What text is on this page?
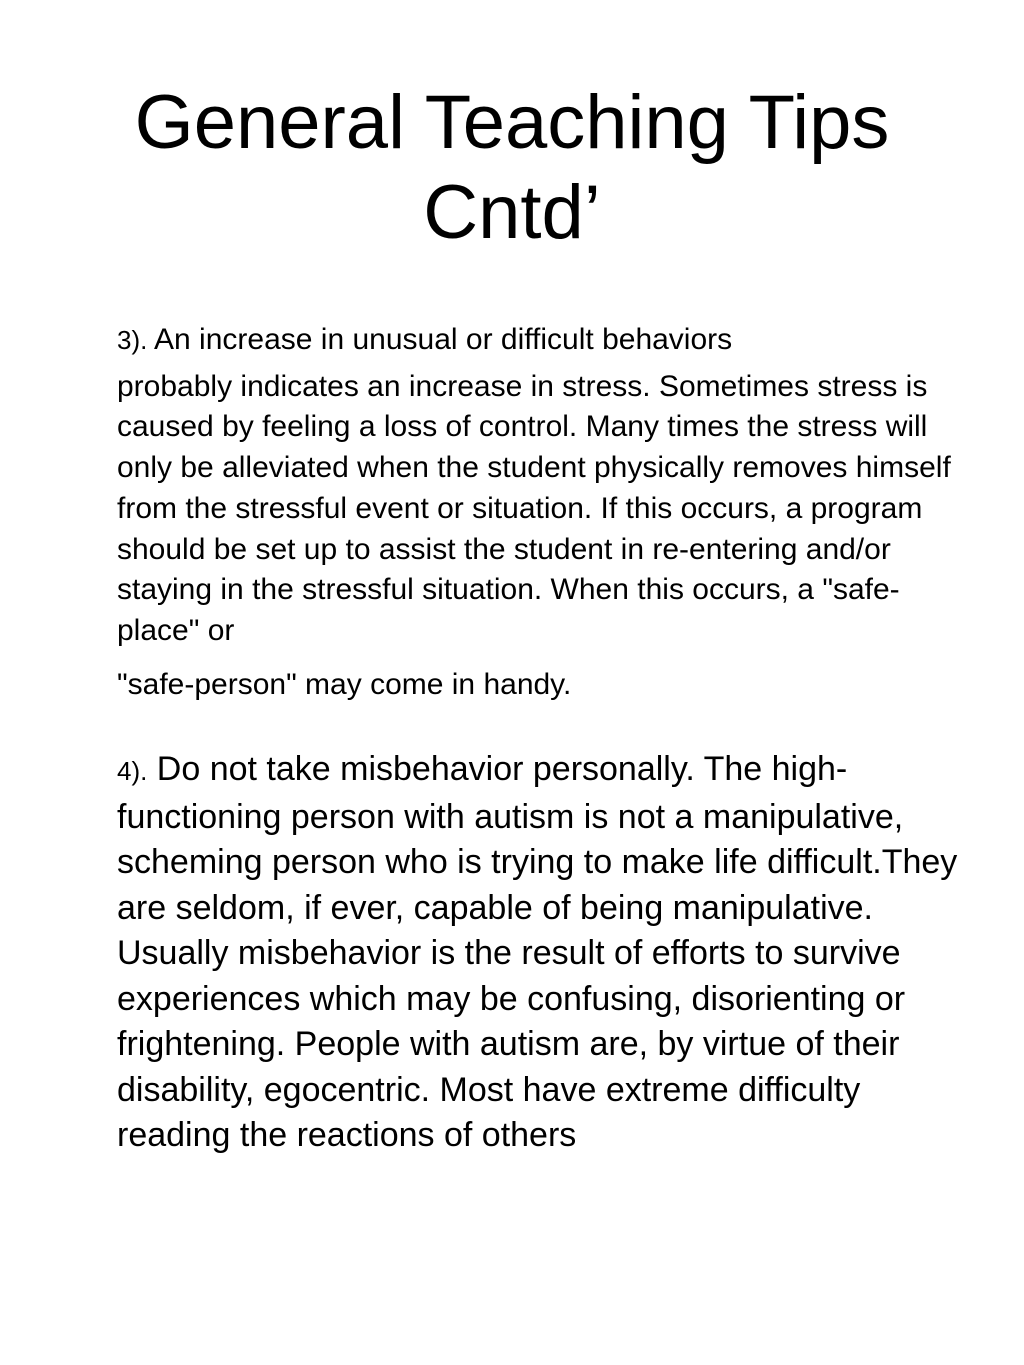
General Teaching Tips
Cntd’
3). An increase in unusual or difficult behaviors
probably indicates an increase in stress. Sometimes stress is caused by feeling a loss of control. Many times the stress will only be alleviated when the student physically removes himself from the stressful event or situation. If this occurs, a program should be set up to assist the student in re-entering and/or staying in the stressful situation. When this occurs, a "safe-place" or
"safe-person" may come in handy.
4). Do not take misbehavior personally. The high-functioning person with autism is not a manipulative, scheming person who is trying to make life difficult.They are seldom, if ever, capable of being manipulative. Usually misbehavior is the result of efforts to survive experiences which may be confusing, disorienting or frightening. People with autism are, by virtue of their disability, egocentric. Most have extreme difficulty reading the reactions of others
